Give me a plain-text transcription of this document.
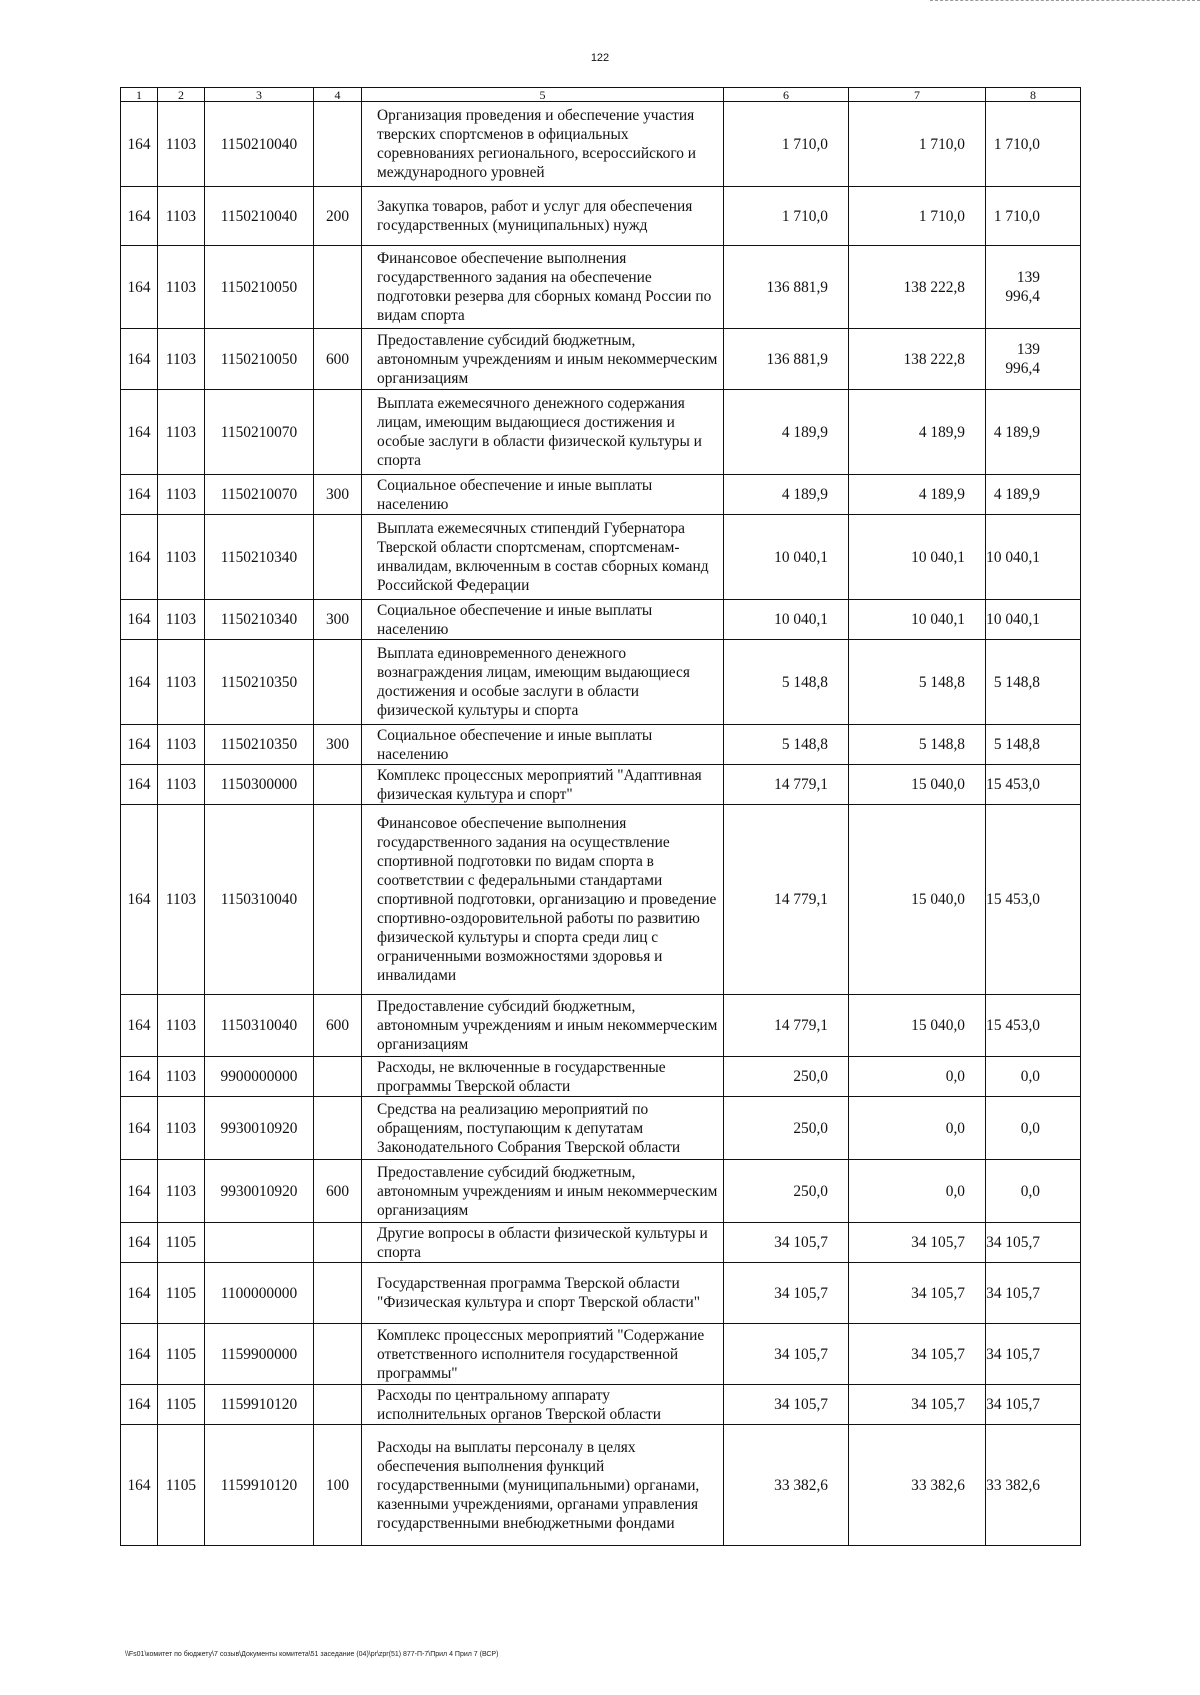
122
1	2	3	4	5	6	7	8
164	1103	1150210040		Организация проведения и обеспечение участия тверских спортсменов в официальных соревнованиях регионального, всероссийского и международного уровней	1 710,0	1 710,0	1 710,0
164	1103	1150210040	200	Закупка товаров, работ и услуг для обеспечения государственных (муниципальных) нужд	1 710,0	1 710,0	1 710,0
164	1103	1150210050		Финансовое обеспечение выполнения государственного задания на обеспечение подготовки резерва для сборных команд России по видам спорта	136 881,9	138 222,8	139 996,4
164	1103	1150210050	600	Предоставление субсидий бюджетным, автономным учреждениям и иным некоммерческим организациям	136 881,9	138 222,8	139 996,4
164	1103	1150210070		Выплата ежемесячного денежного содержания лицам, имеющим выдающиеся достижения и особые заслуги в области физической культуры и спорта	4 189,9	4 189,9	4 189,9
164	1103	1150210070	300	Социальное обеспечение и иные выплаты населению	4 189,9	4 189,9	4 189,9
164	1103	1150210340		Выплата ежемесячных стипендий Губернатора Тверской области спортсменам, спортсменам-инвалидам, включенным в состав сборных команд Российской Федерации	10 040,1	10 040,1	10 040,1
164	1103	1150210340	300	Социальное обеспечение и иные выплаты населению	10 040,1	10 040,1	10 040,1
164	1103	1150210350		Выплата единовременного денежного вознаграждения лицам, имеющим выдающиеся достижения и особые заслуги в области физической культуры и спорта	5 148,8	5 148,8	5 148,8
164	1103	1150210350	300	Социальное обеспечение и иные выплаты населению	5 148,8	5 148,8	5 148,8
164	1103	1150300000		Комплекс процессных мероприятий "Адаптивная физическая культура и спорт"	14 779,1	15 040,0	15 453,0
164	1103	1150310040		Финансовое обеспечение выполнения государственного задания на осуществление спортивной подготовки по видам спорта в соответствии с федеральными стандартами спортивной подготовки, организацию и проведение спортивно-оздоровительной работы по развитию физической культуры и спорта среди лиц с ограниченными возможностями здоровья и инвалидами	14 779,1	15 040,0	15 453,0
164	1103	1150310040	600	Предоставление субсидий бюджетным, автономным учреждениям и иным некоммерческим организациям	14 779,1	15 040,0	15 453,0
164	1103	9900000000		Расходы, не включенные в государственные программы Тверской области	250,0	0,0	0,0
164	1103	9930010920		Средства на реализацию мероприятий по обращениям, поступающим к депутатам Законодательного Собрания Тверской области	250,0	0,0	0,0
164	1103	9930010920	600	Предоставление субсидий бюджетным, автономным учреждениям и иным некоммерческим организациям	250,0	0,0	0,0
164	1105			Другие вопросы в области физической культуры и спорта	34 105,7	34 105,7	34 105,7
164	1105	1100000000		Государственная программа Тверской области "Физическая культура и спорт Тверской области"	34 105,7	34 105,7	34 105,7
164	1105	1159900000		Комплекс процессных мероприятий "Содержание ответственного исполнителя государственной программы"	34 105,7	34 105,7	34 105,7
164	1105	1159910120		Расходы по центральному аппарату исполнительных органов Тверской области	34 105,7	34 105,7	34 105,7
164	1105	1159910120	100	Расходы на выплаты персоналу в целях обеспечения выполнения функций государственными (муниципальными) органами, казенными учреждениями, органами управления государственными внебюджетными фондами	33 382,6	33 382,6	33 382,6
\\Fs01\комитет по бюджету\7 созыв\Документы комитета\51 заседание (04)\pr\zpr(51) 877-П-7\Прил 4 Прил 7 (ВСР)
